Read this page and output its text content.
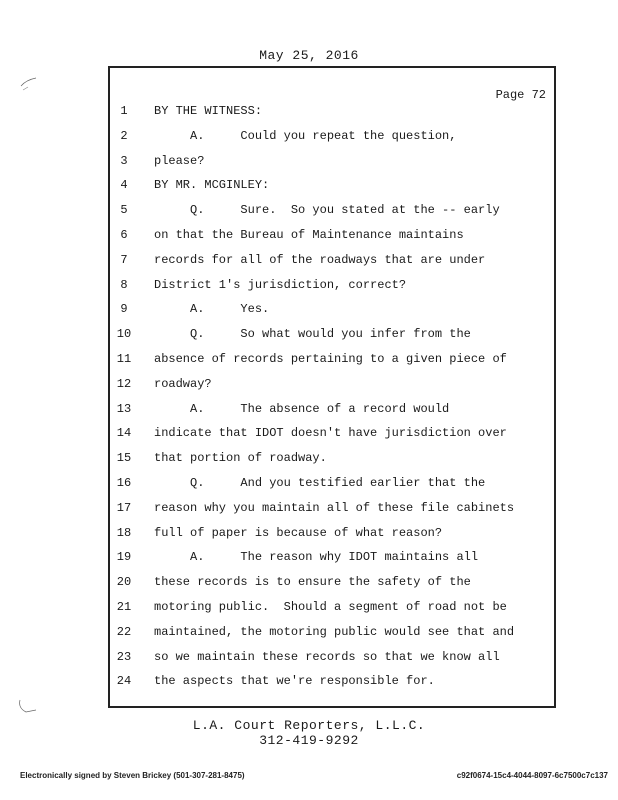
May 25, 2016
Page 72
1	BY THE WITNESS:
2	A.     Could you repeat the question,
3	please?
4	BY MR. MCGINLEY:
5	Q.     Sure.  So you stated at the -- early
6	on that the Bureau of Maintenance maintains
7	records for all of the roadways that are under
8	District 1's jurisdiction, correct?
9	A.     Yes.
10	Q.     So what would you infer from the
11	absence of records pertaining to a given piece of
12	roadway?
13	A.     The absence of a record would
14	indicate that IDOT doesn't have jurisdiction over
15	that portion of roadway.
16	Q.     And you testified earlier that the
17	reason why you maintain all of these file cabinets
18	full of paper is because of what reason?
19	A.     The reason why IDOT maintains all
20	these records is to ensure the safety of the
21	motoring public.  Should a segment of road not be
22	maintained, the motoring public would see that and
23	so we maintain these records so that we know all
24	the aspects that we're responsible for.
L.A. Court Reporters, L.L.C.
312-419-9292
Electronically signed by Steven Brickey (501-307-281-8475)	c92f0674-15c4-4044-8097-6c7500c7c137
